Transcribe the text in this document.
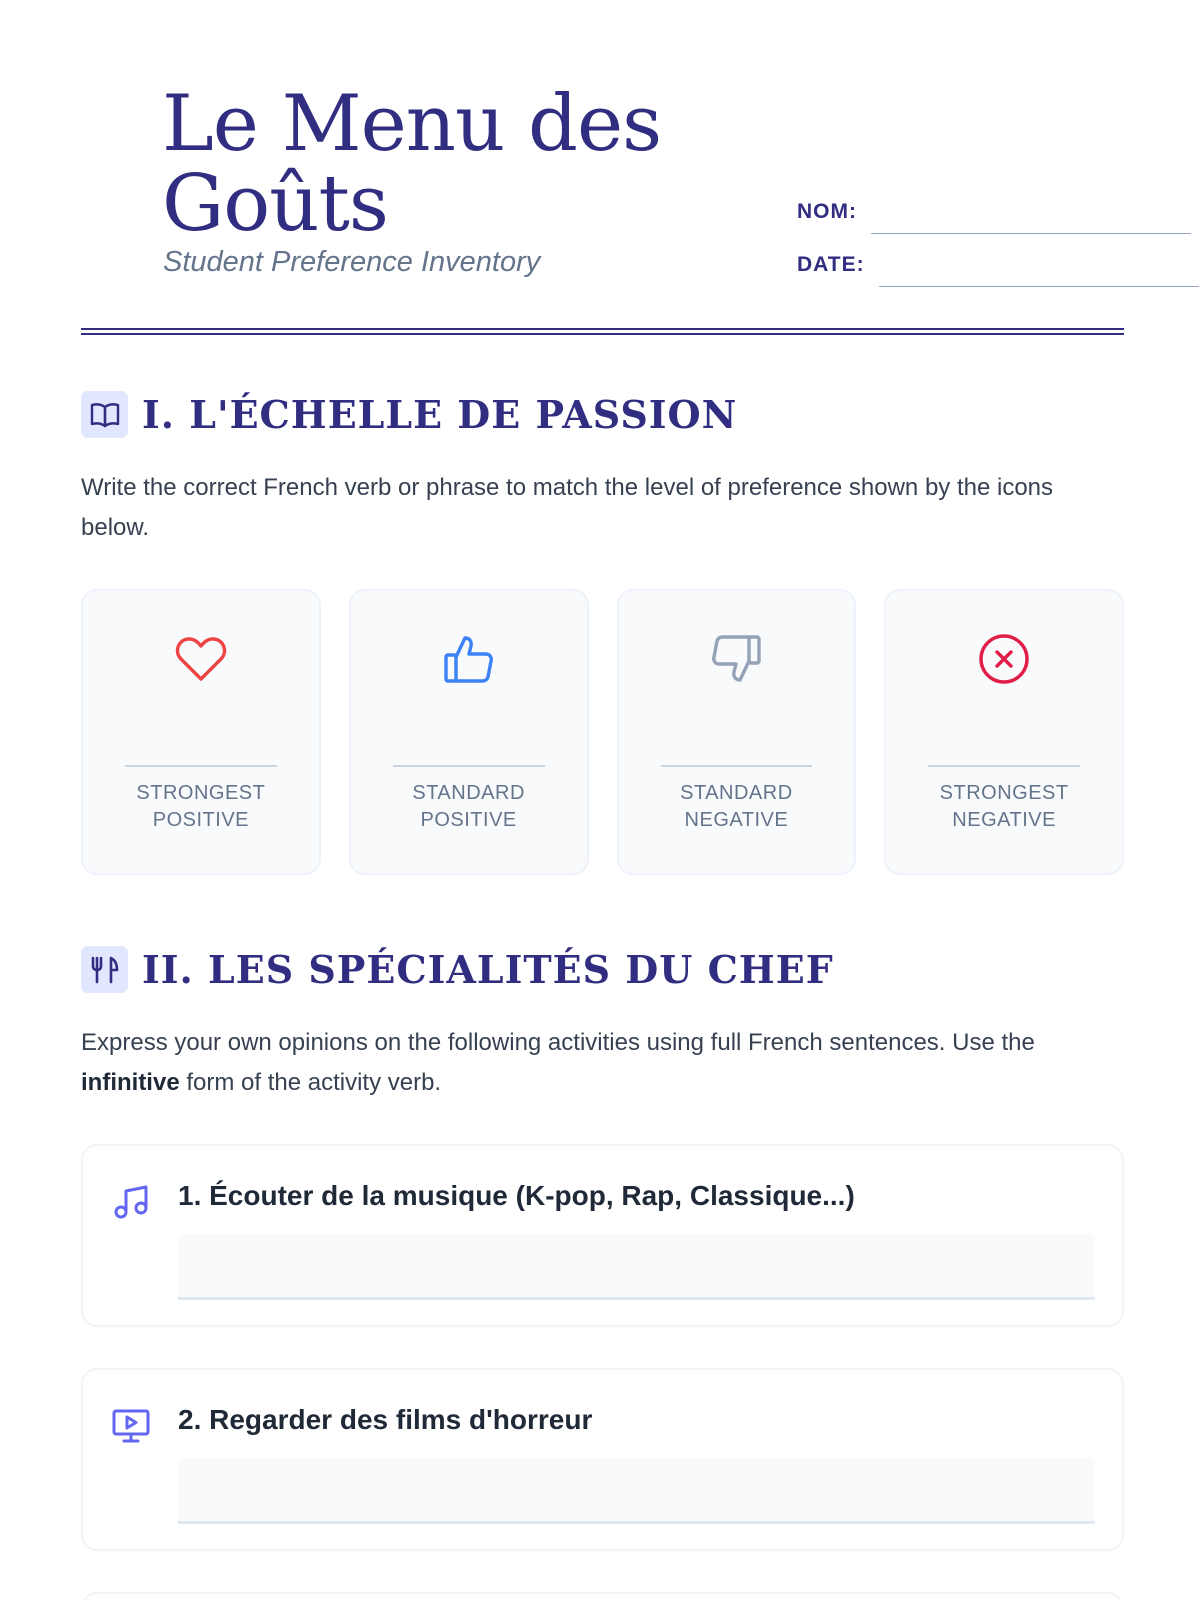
Le Menu des
Goûts
Student Preference Inventory
NOM:
DATE:
I. L'ÉCHELLE DE PASSION

Write the correct French verb or phrase to match the level of preference shown by the icons below.

STRONGEST
POSITIVE
STANDARD
POSITIVE
STANDARD
NEGATIVE
STRONGEST
NEGATIVE
II. LES SPÉCIALITÉS DU CHEF

Express your own opinions on the following activities using full French sentences. Use the infinitive form of the activity verb.

1. Écouter de la musique (K-pop, Rap, Classique...)
2. Regarder des films d'horreur
